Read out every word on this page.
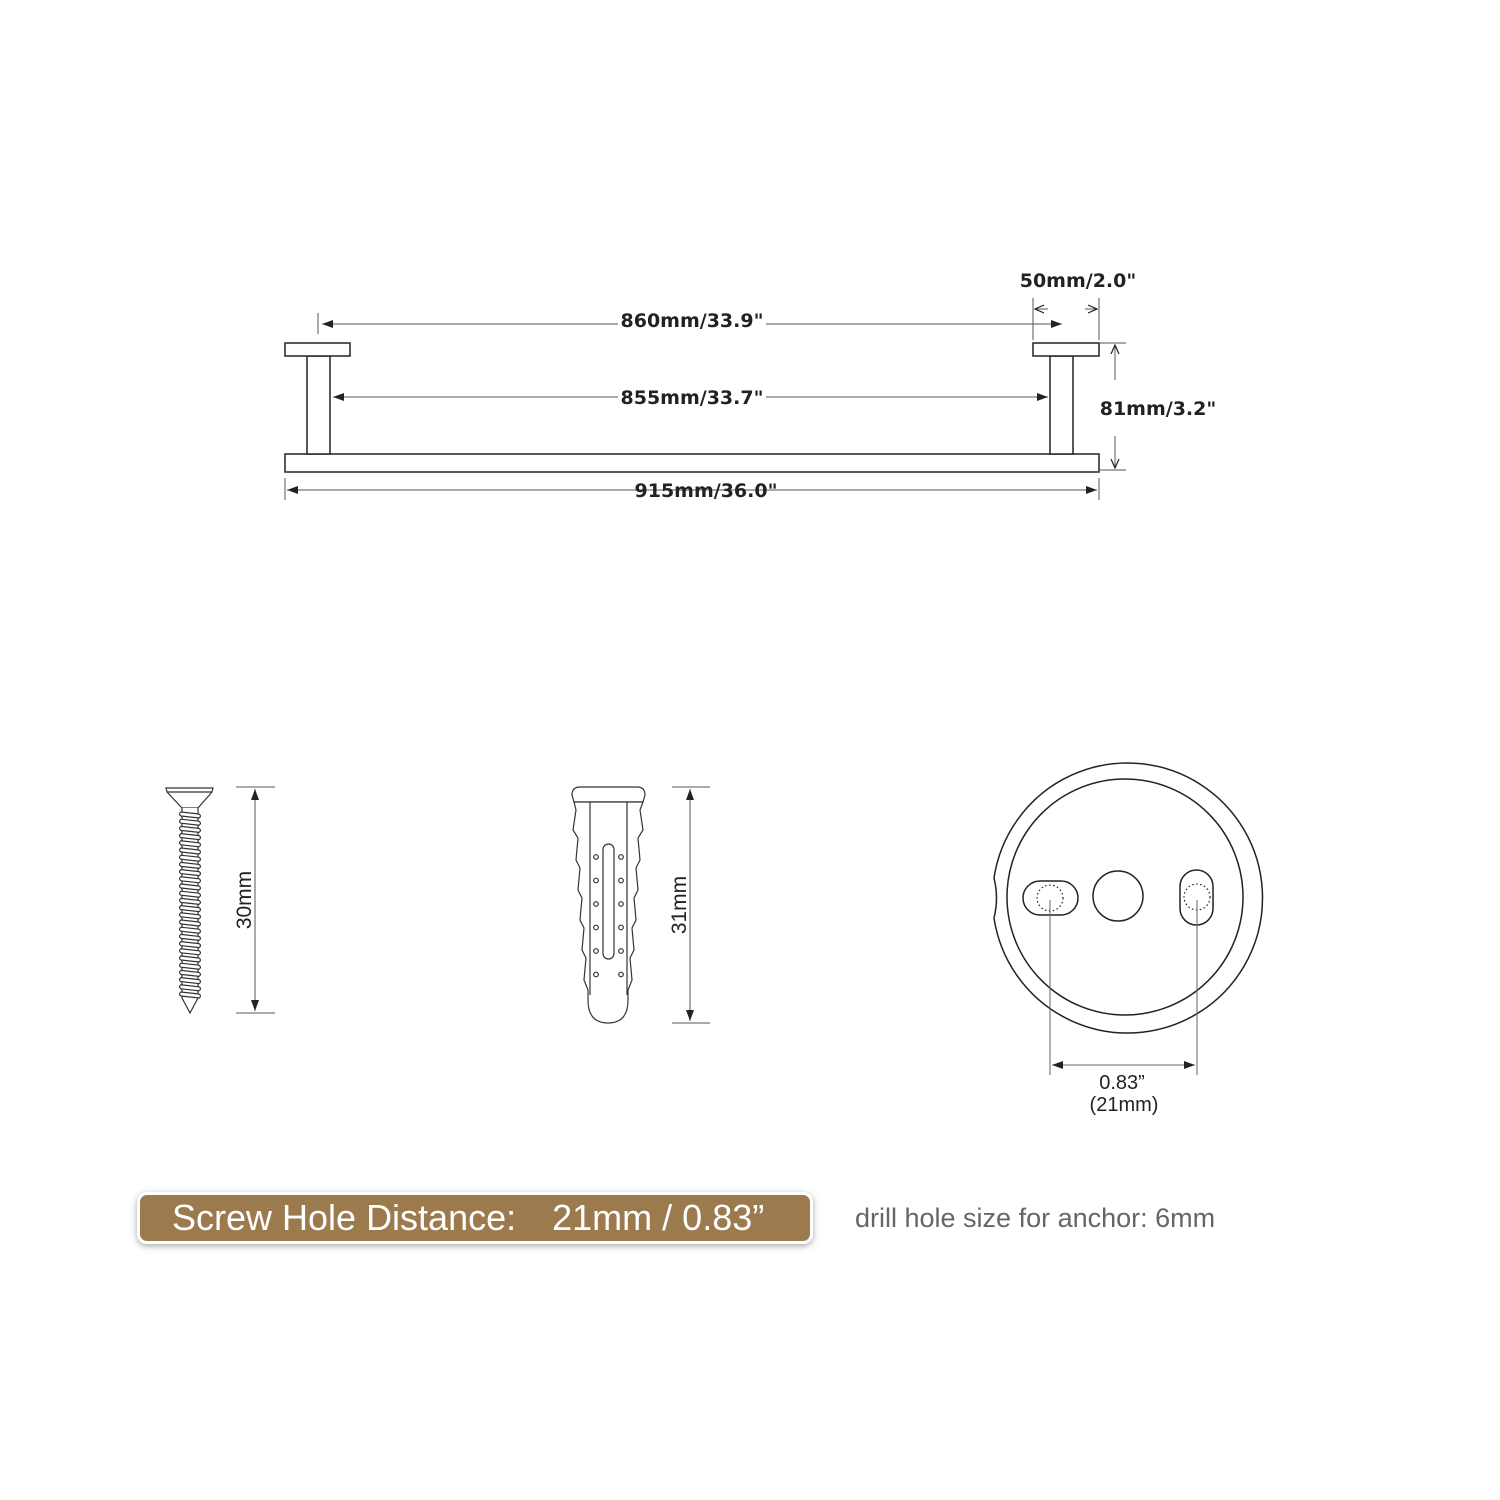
860mm/33.9"
855mm/33.7"
915mm/36.0"
50mm/2.0"
81mm/3.2"
30mm	31mm
0.83”
(21mm)
Screw Hole Distance: 21mm / 0.83”	drill hole size for anchor: 6mm
